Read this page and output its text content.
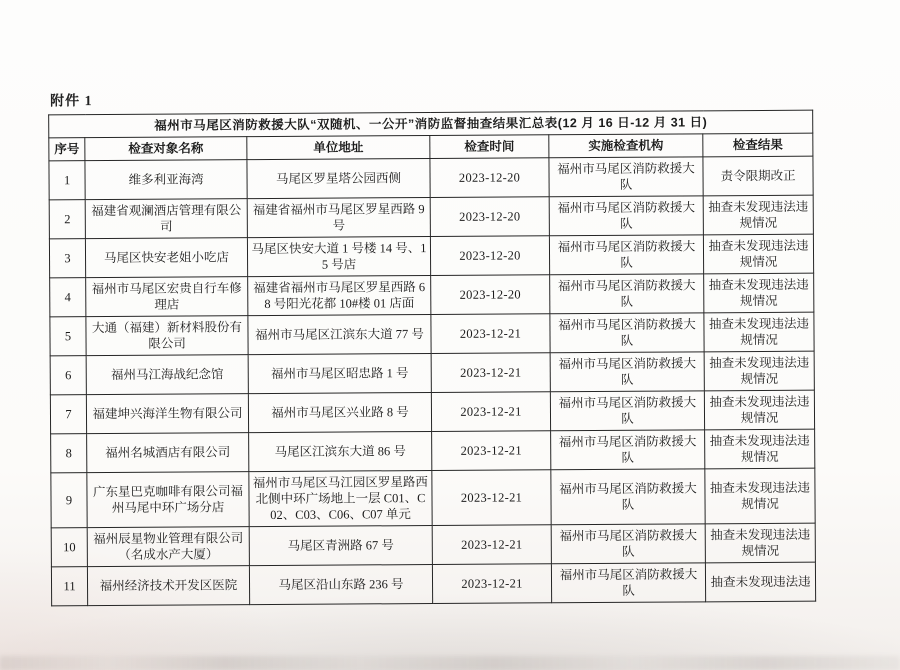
附件 1
福州市马尾区消防救援大队“双随机、一公开”消防监督抽查结果汇总表(12 月 16 日-12 月 31 日)					
序号	检查对象名称	单位地址	检查时间	实施检查机构	检查结果
1	维多利亚海湾	马尾区罗星塔公园西侧	2023-12-20	福州市马尾区消防救援大队	责令限期改正
2	福建省观澜酒店管理有限公司	福建省福州市马尾区罗星西路 9 号	2023-12-20	福州市马尾区消防救援大队	抽查未发现违法违规情况
3	马尾区快安老姐小吃店	马尾区快安大道 1 号楼 14 号、15 号店	2023-12-20	福州市马尾区消防救援大队	抽查未发现违法违规情况
4	福州市马尾区宏贵自行车修理店	福建省福州市马尾区罗星西路 68 号阳光花都 10#楼 01 店面	2023-12-20	福州市马尾区消防救援大队	抽查未发现违法违规情况
5	大通（福建）新材料股份有限公司	福州市马尾区江滨东大道 77 号	2023-12-21	福州市马尾区消防救援大队	抽查未发现违法违规情况
6	福州马江海战纪念馆	福州市马尾区昭忠路 1 号	2023-12-21	福州市马尾区消防救援大队	抽查未发现违法违规情况
7	福建坤兴海洋生物有限公司	福州市马尾区兴业路 8 号	2023-12-21	福州市马尾区消防救援大队	抽查未发现违法违规情况
8	福州名城酒店有限公司	马尾区江滨东大道 86 号	2023-12-21	福州市马尾区消防救援大队	抽查未发现违法违规情况
9	广东星巴克咖啡有限公司福州马尾中环广场分店	福州市马尾区马江园区罗星路西北侧中环广场地上一层 C01、C02、C03、C06、C07 单元	2023-12-21	福州市马尾区消防救援大队	抽查未发现违法违规情况
10	福州辰星物业管理有限公司（名成水产大厦）	马尾区青洲路 67 号	2023-12-21	福州市马尾区消防救援大队	抽查未发现违法违规情况
11	福州经济技术开发区医院	马尾区沿山东路 236 号	2023-12-21	福州市马尾区消防救援大队	抽查未发现违法违
